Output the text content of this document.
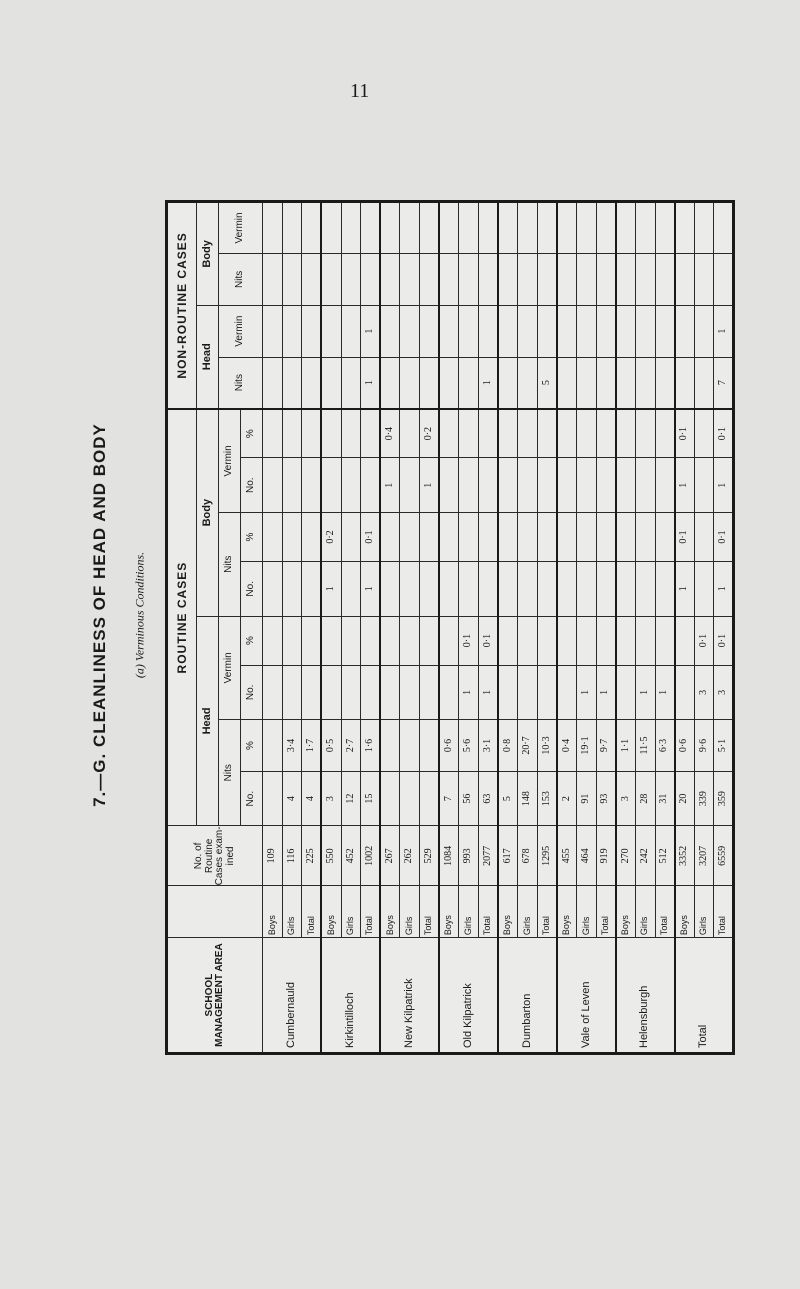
11
7.—G. CLEANLINESS OF HEAD AND BODY (a) Verminous Conditions.
SCHOOL MANAGEMENT AREA		No. of Routine Cases exam-ined	ROUTINE CASES								NON-ROUTINE CASES			
			Head				Body				Head		Body	
			Nits		Vermin		Nits		Vermin		Nits	Vermin	Nits	Vermin
			No.	%	No.	%	No.	%	No.	%				
Cumbernauld	Boys	109												
	Girls	116	4	3·4										
	Total	225	4	1·7										
Kirkintilloch	Boys	550	3	0·5			1	0·2						
	Girls	452	12	2·7										
	Total	1002	15	1·6			1	0·1			1	1		
New Kilpatrick	Boys	267							1	0·4				
	Girls	262												
	Total	529							1	0·2				
Old Kilpatrick	Boys	1084	7	0·6										
	Girls	993	56	5·6	1	0·1								
	Total	2077	63	3·1	1	0·1					1			
Dumbarton	Boys	617	5	0·8										
	Girls	678	148	20·7										
	Total	1295	153	10·3							5			
Vale of Leven	Boys	455	2	0·4										
	Girls	464	91	19·1	1									
	Total	919	93	9·7	1									
Helensburgh	Boys	270	3	1·1										
	Girls	242	28	11·5	1									
	Total	512	31	6·3	1									
Total	Boys	3352	20	0·6			1	0·1	1	0·1				
	Girls	3207	339	9·6	3	0·1								
	Total	6559	359	5·1	3	0·1	1	0·1	1	0·1	7	1		
